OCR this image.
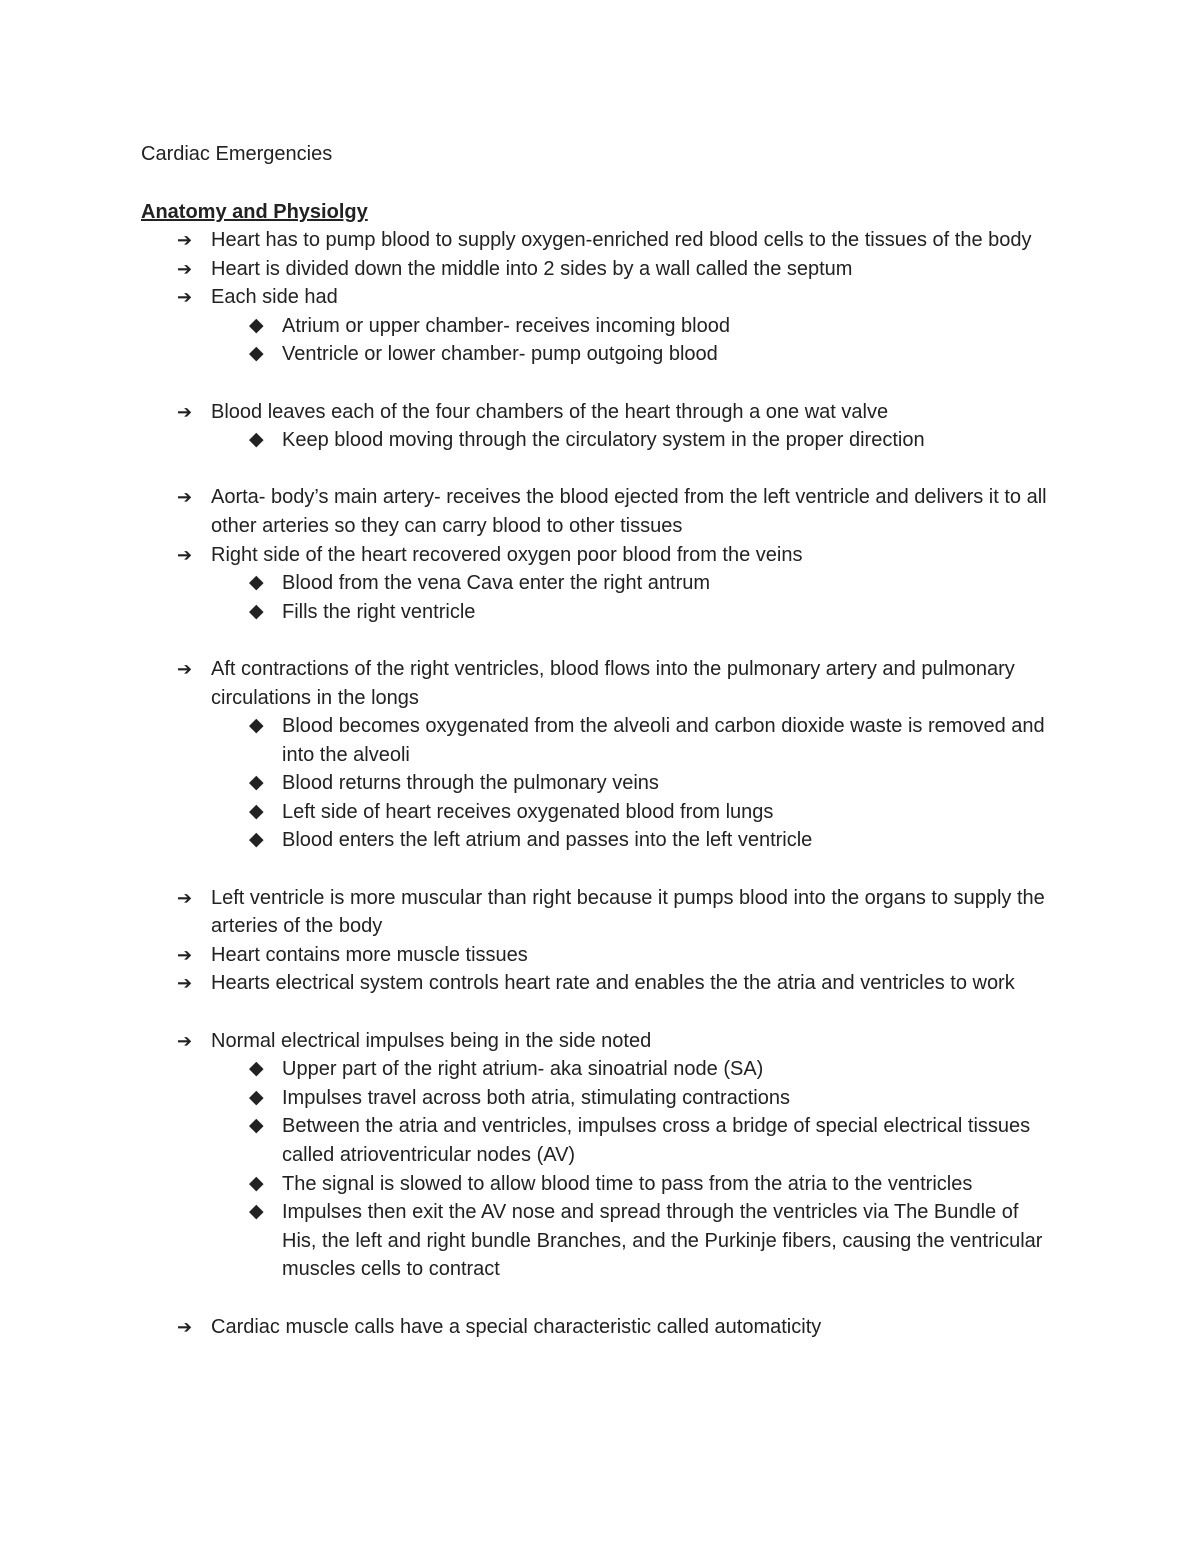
Cardiac Emergencies
Anatomy and Physiolgy

➔ Heart has to pump blood to supply oxygen-enriched red blood cells to the tissues of the body

➔ Heart is divided down the middle into 2 sides by a wall called the septum

➔ Each side had

◆ Atrium or upper chamber- receives incoming blood

◆ Ventricle or lower chamber- pump outgoing blood

➔ Blood leaves each of the four chambers of the heart through a one wat valve

◆ Keep blood moving through the circulatory system in the proper direction

➔ Aorta- body’s main artery- receives the blood ejected from the left ventricle and delivers it to all other arteries so they can carry blood to other tissues

➔ Right side of the heart recovered oxygen poor blood from the veins

◆ Blood from the vena Cava enter the right antrum

◆ Fills the right ventricle

➔ Aft contractions of the right ventricles, blood flows into the pulmonary artery and pulmonary circulations in the longs

◆ Blood becomes oxygenated from the alveoli and carbon dioxide waste is removed and into the alveoli

◆ Blood returns through the pulmonary veins

◆ Left side of heart receives oxygenated blood from lungs

◆ Blood enters the left atrium and passes into the left ventricle

➔ Left ventricle is more muscular than right because it pumps blood into the organs to supply the arteries of the body

➔ Heart contains more muscle tissues

➔ Hearts electrical system controls heart rate and enables the the atria and ventricles to work

➔ Normal electrical impulses being in the side noted

◆ Upper part of the right atrium- aka sinoatrial node (SA)

◆ Impulses travel across both atria, stimulating contractions

◆ Between the atria and ventricles, impulses cross a bridge of special electrical tissues called atrioventricular nodes (AV)

◆ The signal is slowed to allow blood time to pass from the atria to the ventricles

◆ Impulses then exit the AV nose and spread through the ventricles via The Bundle of His, the left and right bundle Branches, and the Purkinje fibers, causing the ventricular muscles cells to contract

➔ Cardiac muscle calls have a special characteristic called automaticity
